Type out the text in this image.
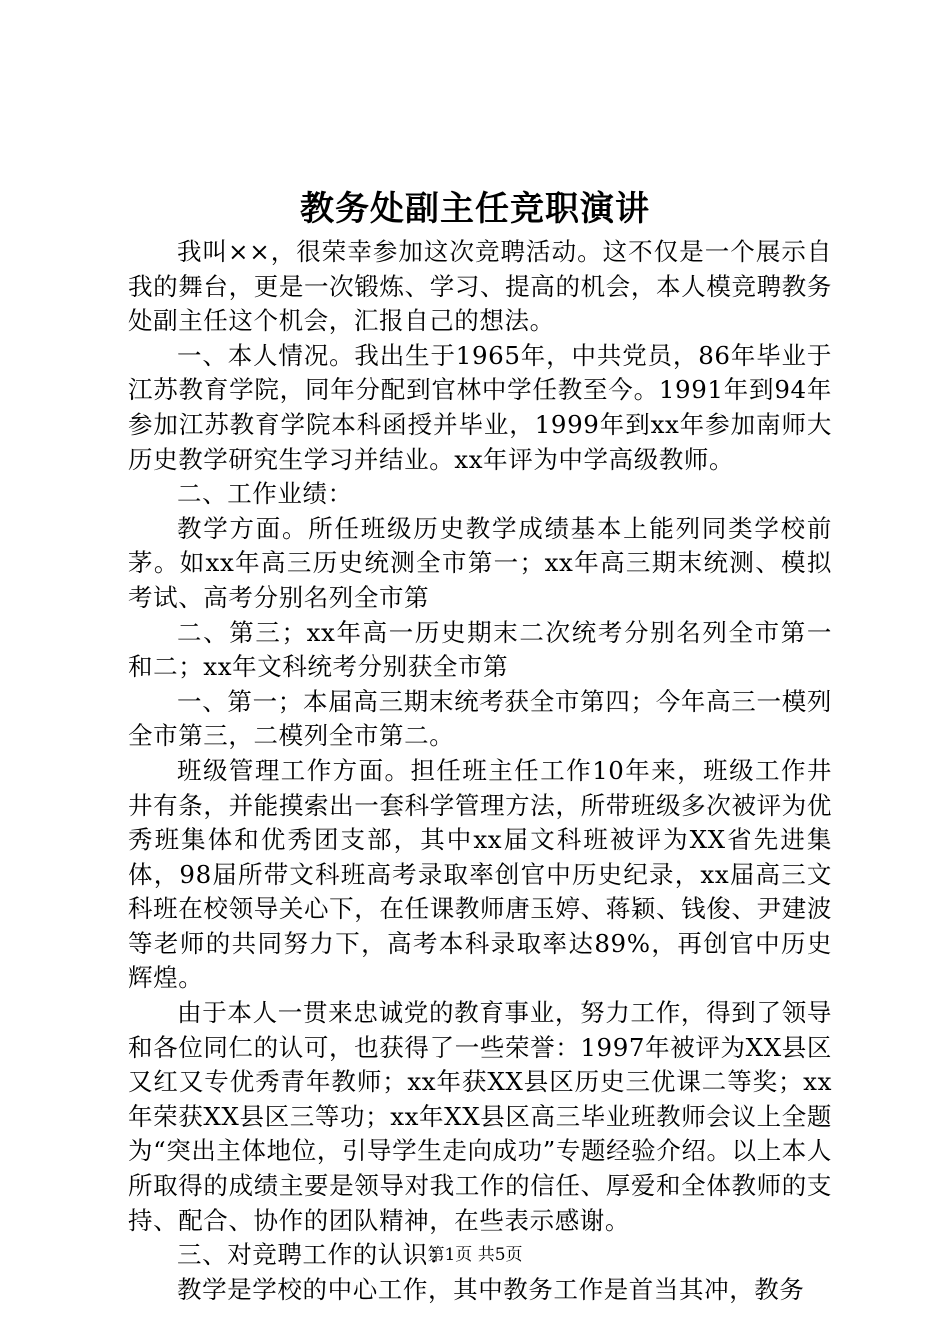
教务处副主任竞职演讲

我叫××，很荣幸参加这次竞聘活动。这不仅是一个展示自我的舞台，更是一次锻炼、学习、提高的机会，本人模竞聘教务处副主任这个机会，汇报自己的想法。

一、本人情况。我出生于1965年，中共党员，86年毕业于江苏教育学院，同年分配到官林中学任教至今。1991年到94年参加江苏教育学院本科函授并毕业，1999年到xx年参加南师大历史教学研究生学习并结业。xx年评为中学高级教师。

二、工作业绩：

教学方面。所任班级历史教学成绩基本上能列同类学校前茅。如xx年高三历史统测全市第一；xx年高三期末统测、模拟考试、高考分别名列全市第

二、第三；xx年高一历史期末二次统考分别名列全市第一和二；xx年文科统考分别获全市第

一、第一；本届高三期末统考获全市第四；今年高三一模列全市第三，二模列全市第二。

班级管理工作方面。担任班主任工作10年来，班级工作井井有条，并能摸索出一套科学管理方法，所带班级多次被评为优秀班集体和优秀团支部，其中xx届文科班被评为XX省先进集体，98届所带文科班高考录取率创官中历史纪录，xx届高三文科班在校领导关心下，在任课教师唐玉婷、蒋颖、钱俊、尹建波等老师的共同努力下，高考本科录取率达89%，再创官中历史辉煌。

由于本人一贯来忠诚党的教育事业，努力工作，得到了领导和各位同仁的认可，也获得了一些荣誉：1997年被评为XX县区又红又专优秀青年教师；xx年获XX县区历史三优课二等奖；xx年荣获XX县区三等功；xx年XX县区高三毕业班教师会议上全题为“突出主体地位，引导学生走向成功”专题经验介绍。以上本人所取得的成绩主要是领导对我工作的信任、厚爱和全体教师的支持、配合、协作的团队精神，在些表示感谢。

三、对竞聘工作的认识：

教学是学校的中心工作，其中教务工作是首当其冲，教务

第1页 共5页
